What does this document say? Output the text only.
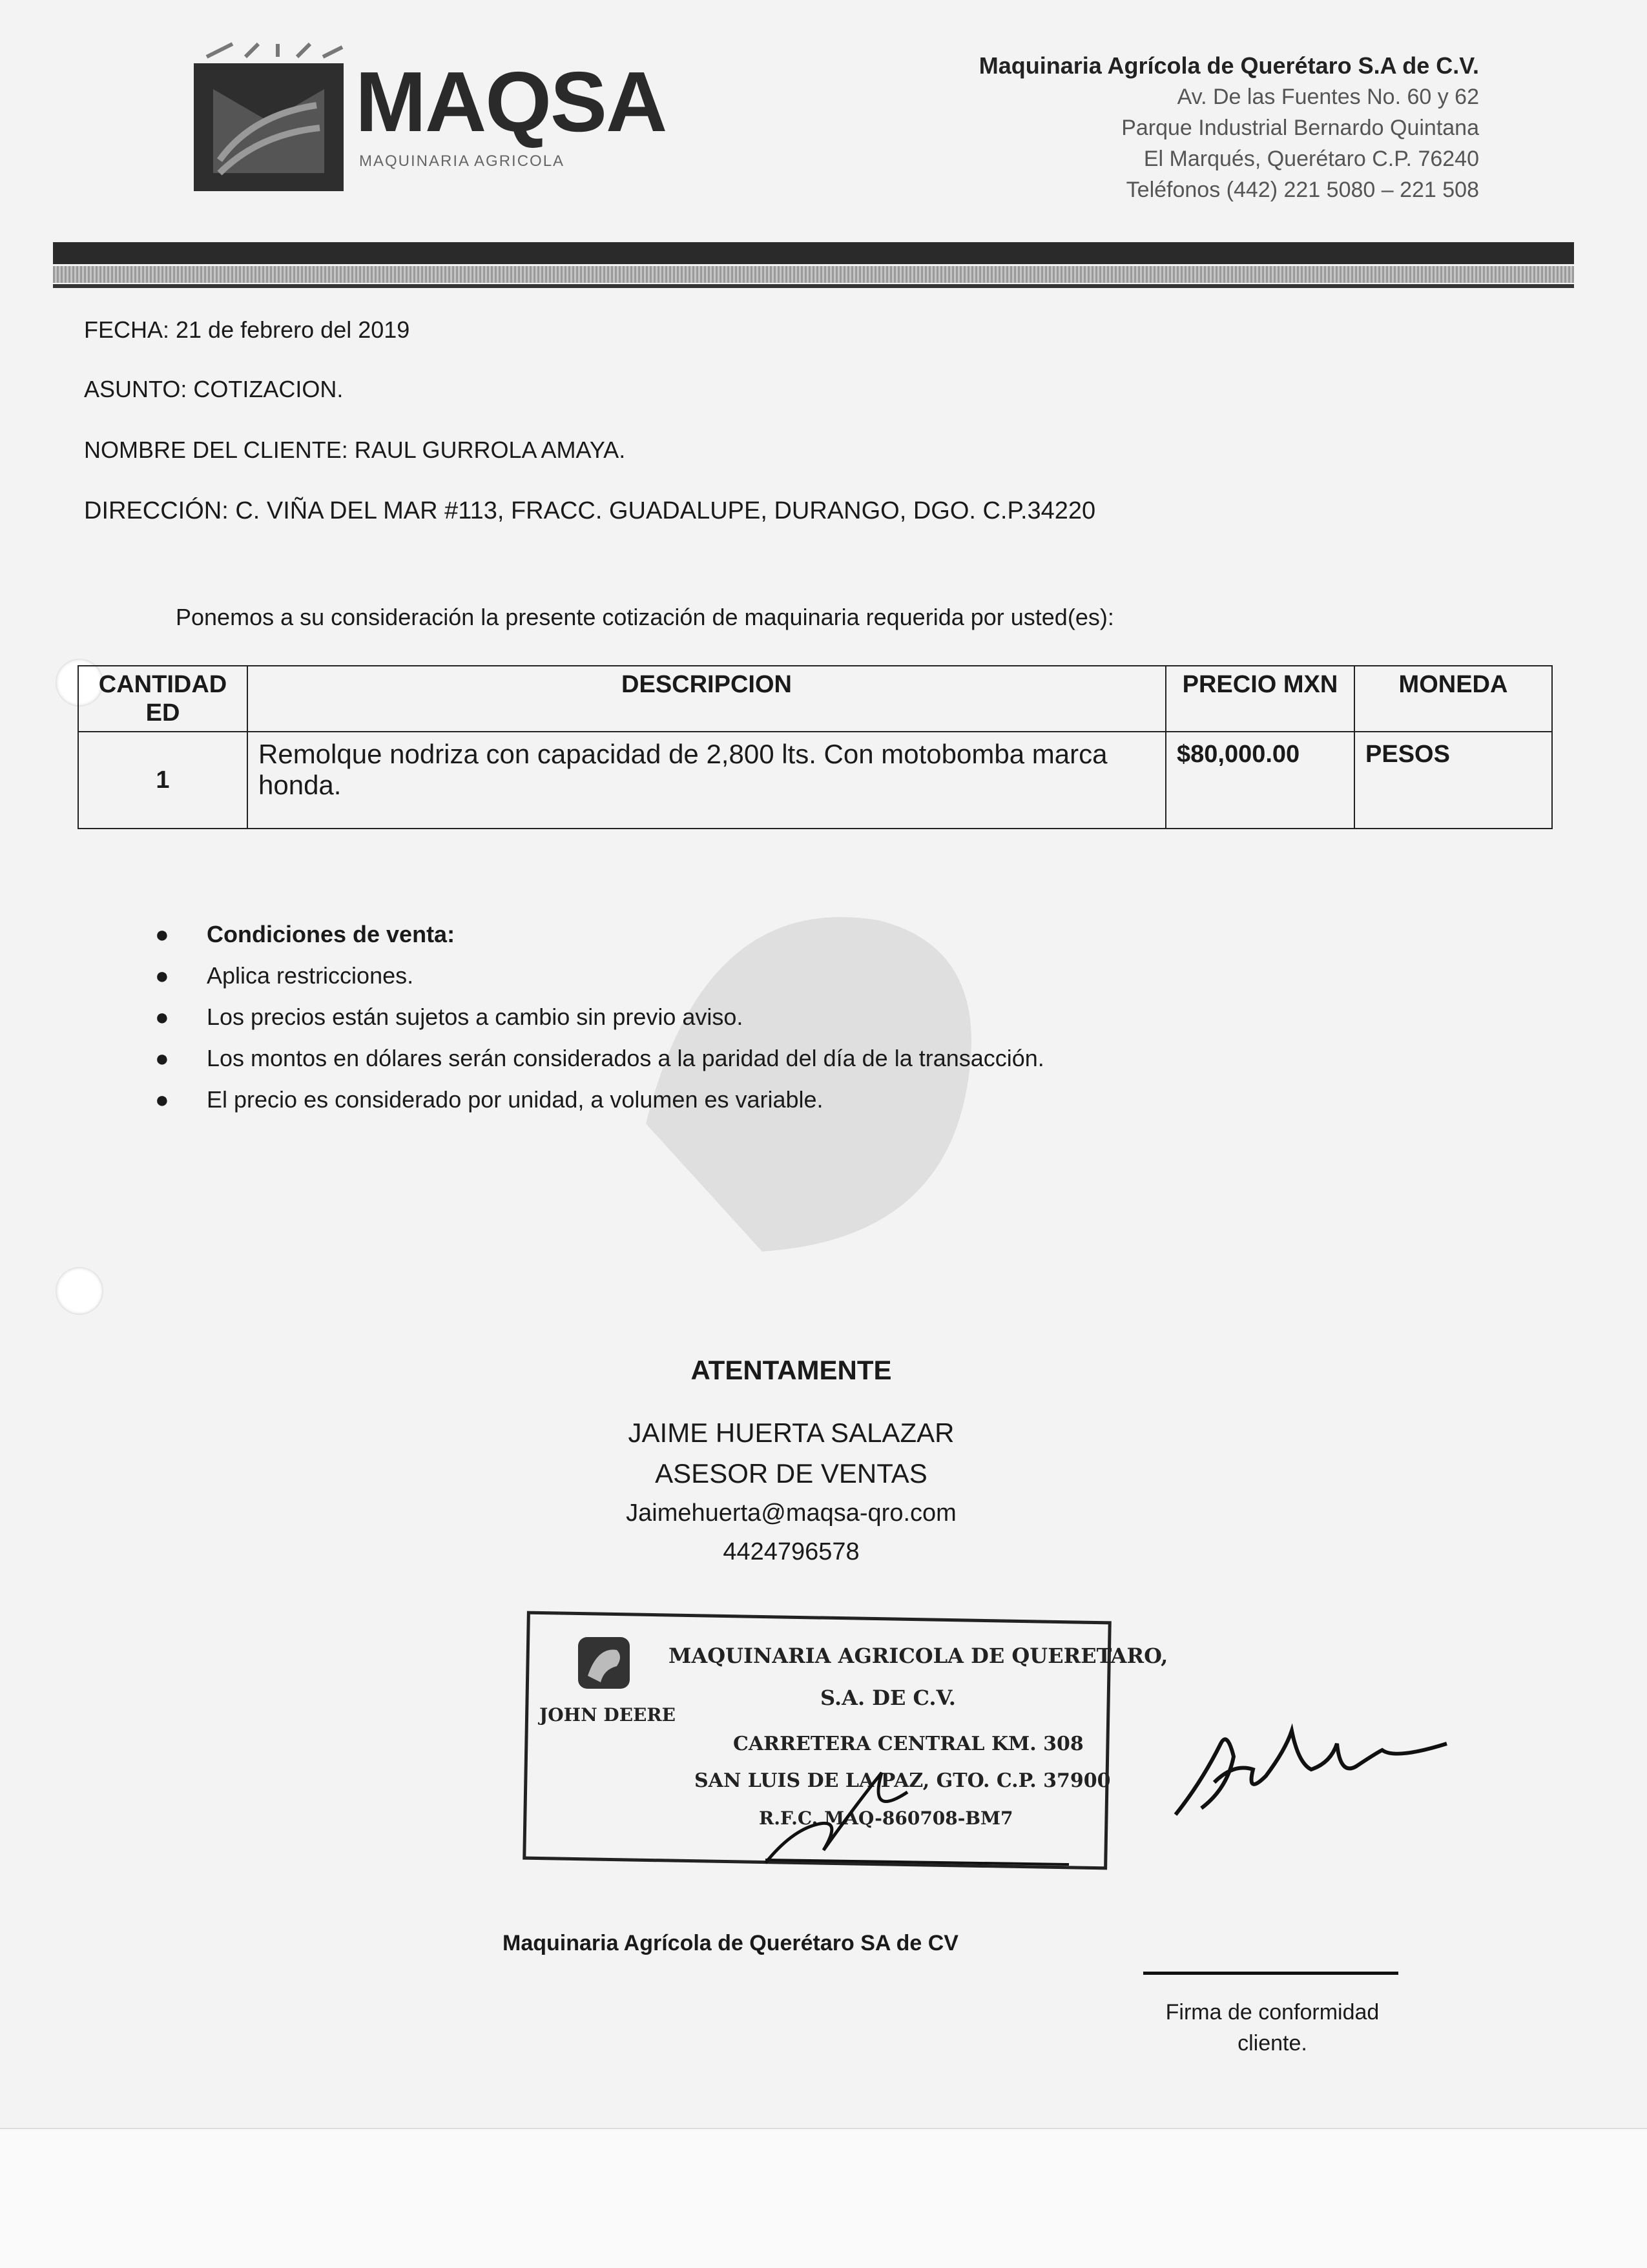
MAQSA
MAQUINARIA AGRICOLA
Maquinaria Agrícola de Querétaro S.A de C.V.
Av. De las Fuentes No. 60 y 62
Parque Industrial Bernardo Quintana
El Marqués, Querétaro C.P. 76240
Teléfonos (442) 221 5080 – 221 508
FECHA: 21 de febrero del 2019
ASUNTO: COTIZACION.
NOMBRE DEL CLIENTE: RAUL GURROLA AMAYA.
DIRECCIÓN: C. VIÑA DEL MAR #113, FRACC. GUADALUPE, DURANGO, DGO. C.P.34220
Ponemos a su consideración la presente cotización de maquinaria requerida por usted(es):
CANTIDAD ED	DESCRIPCION	PRECIO MXN	MONEDA
1	Remolque nodriza con capacidad de 2,800 lts. Con motobomba marca honda.	$80,000.00	PESOS
● Condiciones de venta:
● Aplica restricciones.
● Los precios están sujetos a cambio sin previo aviso.
● Los montos en dólares serán considerados a la paridad del día de la transacción.
● El precio es considerado por unidad, a volumen es variable.
ATENTAMENTE
JAIME HUERTA SALAZAR
ASESOR DE VENTAS
Jaimehuerta@maqsa-qro.com
4424796578
JOHN DEERE
MAQUINARIA AGRICOLA DE QUERETARO,
S.A. DE C.V.
CARRETERA CENTRAL KM. 308
SAN LUIS DE LA PAZ, GTO. C.P. 37900
R.F.C. MAQ-860708-BM7
Maquinaria Agrícola de Querétaro SA de CV
Firma de conformidad
cliente.
